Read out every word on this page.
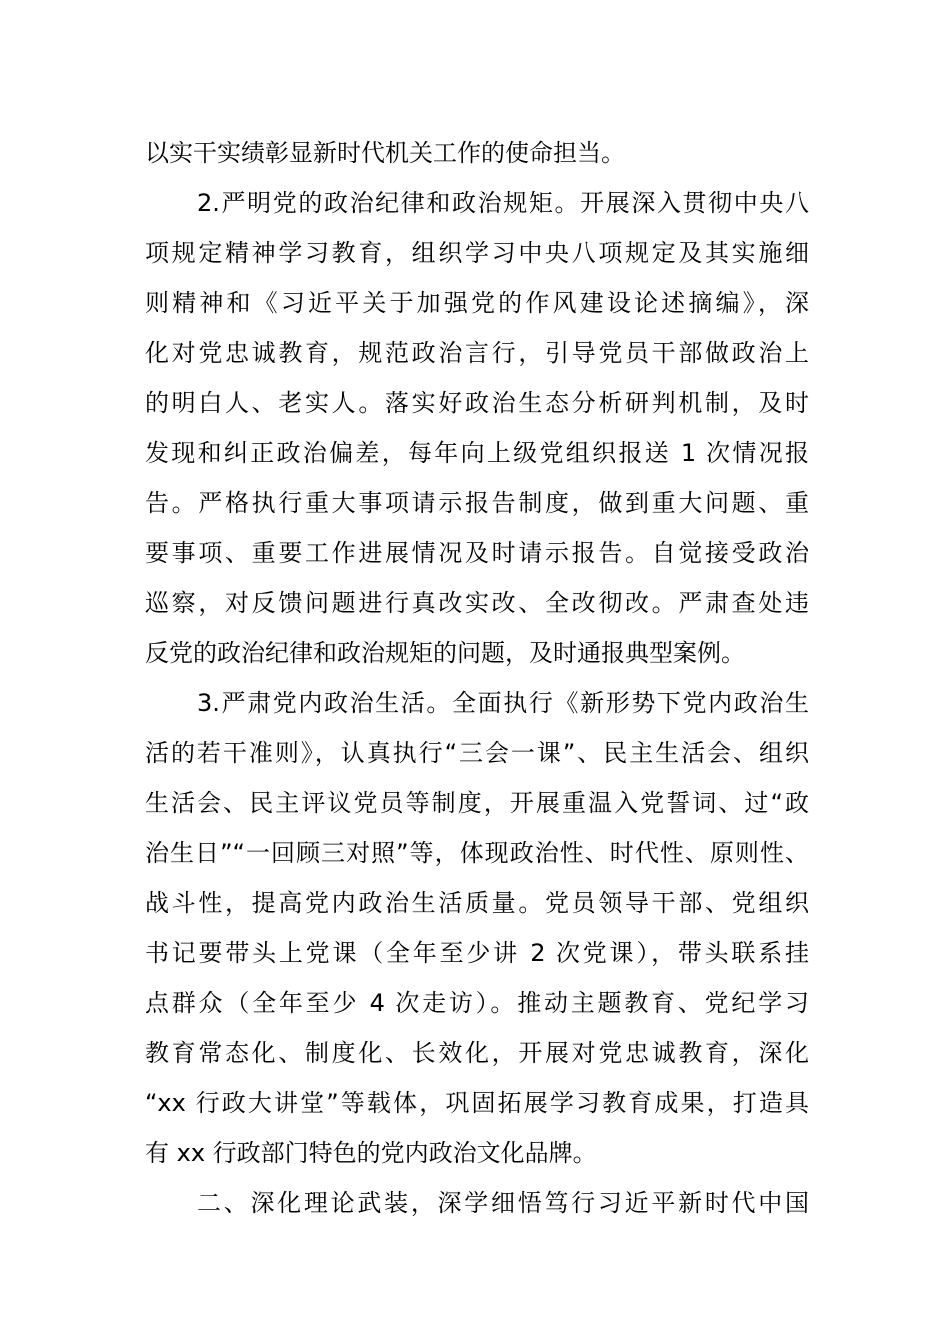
以实干实绩彰显新时代机关工作的使命担当。
2.严明党的政治纪律和政治规矩。开展深入贯彻中央八
项规定精神学习教育，组织学习中央八项规定及其实施细
则精神和《习近平关于加强党的作风建设论述摘编》，深
化对党忠诚教育，规范政治言行，引导党员干部做政治上
的明白人、老实人。落实好政治生态分析研判机制，及时
发现和纠正政治偏差，每年向上级党组织报送 1 次情况报
告。严格执行重大事项请示报告制度，做到重大问题、重
要事项、重要工作进展情况及时请示报告。自觉接受政治
巡察，对反馈问题进行真改实改、全改彻改。严肃查处违
反党的政治纪律和政治规矩的问题，及时通报典型案例。
3.严肃党内政治生活。全面执行《新形势下党内政治生
活的若干准则》，认真执行“三会一课”、民主生活会、组织
生活会、民主评议党员等制度，开展重温入党誓词、过“政
治生日”“一回顾三对照”等，体现政治性、时代性、原则性、
战斗性，提高党内政治生活质量。党员领导干部、党组织
书记要带头上党课（全年至少讲 2 次党课），带头联系挂
点群众（全年至少 4 次走访）。推动主题教育、党纪学习
教育常态化、制度化、长效化，开展对党忠诚教育，深化
“xx 行政大讲堂”等载体，巩固拓展学习教育成果，打造具
有 xx 行政部门特色的党内政治文化品牌。
二、深化理论武装，深学细悟笃行习近平新时代中国
